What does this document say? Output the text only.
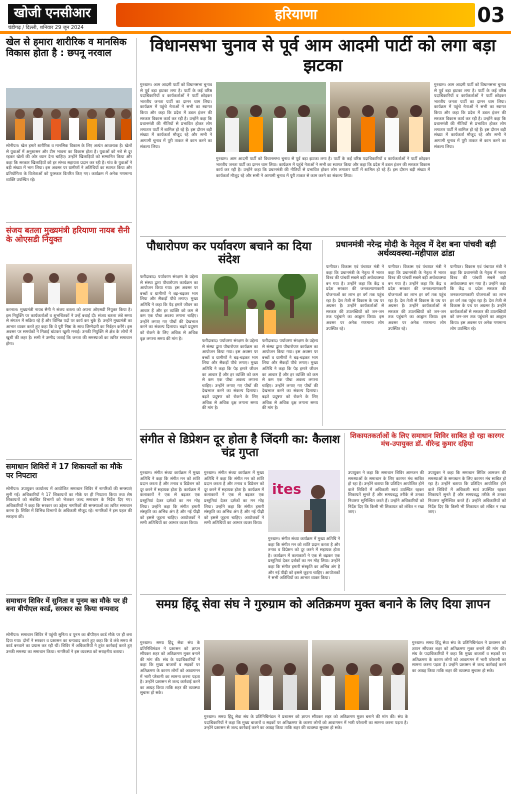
खोजी एनसीआर
चंडीगढ़ / दिल्ली, शनिवार 29 जून 2024
हरियाणा	03
खेल से हमारा शारीरिक व मानसिक विकास होता है : छपनू नरवाल
सोनीपत। खेल हमारे शारीरिक व मानसिक विकास के लिए अत्यंत आवश्यक है। खेलों से युवाओं में अनुशासन और टीम भावना का विकास होता है। युवाओं को नशे से दूर रहकर खेलों की ओर ध्यान देना चाहिए। उन्होंने खिलाड़ियों को सम्मानित किया और कहा कि सरकार खिलाड़ियों को हर संभव सहायता प्रदान कर रही है। गांव के युवाओं ने बड़ी संख्या में भाग लिया। इस अवसर पर ग्रामीणों ने अतिथियों का स्वागत किया और प्रतियोगिता के विजेताओं को पुरस्कार वितरित किए गए। कार्यक्रम में अनेक गणमान्य व्यक्ति उपस्थित रहे।
संजय बतला मुख्यमंत्री हरियाणा नायब सैनी के ओएसडी नियुक्त
करनाल। मुख्यमंत्री नायब सैनी ने संजय बतला को अपना ओएसडी नियुक्त किया है। इस नियुक्ति पर कार्यकर्ताओं व शुभचिंतकों ने उन्हें बधाई दी। संजय बतला लंबे समय से संगठन में सक्रिय रहे हैं और विभिन्न पदों पर कार्य कर चुके हैं। उन्होंने मुख्यमंत्री का आभार व्यक्त करते हुए कहा कि वे पूरी निष्ठा के साथ जिम्मेदारी का निर्वहन करेंगे। इस अवसर पर समर्थकों ने मिठाई बांटकर खुशी मनाई। उनकी नियुक्ति से क्षेत्र के लोगों में खुशी की लहर है। सभी ने उम्मीद जताई कि जनता की समस्याओं का त्वरित समाधान होगा।
समाधान शिविरों में 17 शिकायतों का मौके पर निपटारा
सोनीपत। उपायुक्त कार्यालय में आयोजित समाधान शिविर में नागरिकों की समस्याएं सुनी गईं। अधिकारियों ने 17 शिकायतों का मौके पर ही निपटारा किया तथा शेष शिकायतों को संबंधित विभागों को भेजकर जल्द समाधान के निर्देश दिए गए। अधिकारियों ने कहा कि सरकार का उद्देश्य नागरिकों की समस्याओं का त्वरित समाधान करना है। शिविर में विभिन्न विभागों के अधिकारी मौजूद रहे। नागरिकों ने इस पहल की सराहना की।
समाधान शिविर में सुनिता व पूनम का मौके पर ही बना बीपीएल कार्ड, सरकार का किया धन्यवाद
सोनीपत। समाधान शिविर में पहुंची सुनिता व पूनम का बीपीएल कार्ड मौके पर ही बना दिया गया। दोनों ने सरकार व प्रशासन का धन्यवाद करते हुए कहा कि वे लंबे समय से कार्ड बनवाने का प्रयास कर रही थीं। शिविर में अधिकारियों ने तुरंत कार्रवाई करते हुए उनकी समस्या का समाधान किया। नागरिकों ने इस व्यवस्था को सराहनीय बताया।
विधानसभा चुनाव से पूर्व आम आदमी पार्टी को लगा बड़ा झटका
गुरुग्राम। आम आदमी पार्टी को विधानसभा चुनाव से पूर्व बड़ा झटका लगा है। पार्टी के कई वरिष्ठ पदाधिकारियों व कार्यकर्ताओं ने पार्टी छोड़कर भारतीय जनता पार्टी का दामन थाम लिया। कार्यक्रम में पहुंचे नेताओं ने सभी का स्वागत किया और कहा कि प्रदेश में डबल इंजन की सरकार विकास कार्य कर रही है। उन्होंने कहा कि प्रधानमंत्री की नीतियों से प्रभावित होकर लोग लगातार पार्टी में शामिल हो रहे हैं। इस दौरान बड़ी संख्या में कार्यकर्ता मौजूद रहे और सभी ने आगामी चुनाव में पूरी ताकत से काम करने का संकल्प लिया।
गुरुग्राम। आम आदमी पार्टी को विधानसभा चुनाव से पूर्व बड़ा झटका लगा है। पार्टी के कई वरिष्ठ पदाधिकारियों व कार्यकर्ताओं ने पार्टी छोड़कर भारतीय जनता पार्टी का दामन थाम लिया। कार्यक्रम में पहुंचे नेताओं ने सभी का स्वागत किया और कहा कि प्रदेश में डबल इंजन की सरकार विकास कार्य कर रही है। उन्होंने कहा कि प्रधानमंत्री की नीतियों से प्रभावित होकर लोग लगातार पार्टी में शामिल हो रहे हैं। इस दौरान बड़ी संख्या में कार्यकर्ता मौजूद रहे और सभी ने आगामी चुनाव में पूरी ताकत से काम करने का संकल्प लिया।
गुरुग्राम। आम आदमी पार्टी को विधानसभा चुनाव से पूर्व बड़ा झटका लगा है। पार्टी के कई वरिष्ठ पदाधिकारियों व कार्यकर्ताओं ने पार्टी छोड़कर भारतीय जनता पार्टी का दामन थाम लिया। कार्यक्रम में पहुंचे नेताओं ने सभी का स्वागत किया और कहा कि प्रदेश में डबल इंजन की सरकार विकास कार्य कर रही है। उन्होंने कहा कि प्रधानमंत्री की नीतियों से प्रभावित होकर लोग लगातार पार्टी में शामिल हो रहे हैं। इस दौरान बड़ी संख्या में कार्यकर्ता मौजूद रहे और सभी ने आगामी चुनाव में पूरी ताकत से काम करने का संकल्प लिया।
पौधारोपण कर पर्यावरण बचाने का दिया संदेश
फरीदाबाद। पर्यावरण संरक्षण के उद्देश्य से संस्था द्वारा पौधारोपण कार्यक्रम का आयोजन किया गया। इस अवसर पर बच्चों व ग्रामीणों ने बढ़-चढ़कर भाग लिया और सैकड़ों पौधे लगाए। मुख्य अतिथि ने कहा कि पेड़ हमारे जीवन का आधार हैं और हर व्यक्ति को कम से कम एक पौधा अवश्य लगाना चाहिए। उन्होंने लगाए गए पौधों की देखभाल करने का संकल्प दिलाया। बढ़ते प्रदूषण को रोकने के लिए अधिक से अधिक वृक्ष लगाना समय की मांग है।	फरीदाबाद। पर्यावरण संरक्षण के उद्देश्य से संस्था द्वारा पौधारोपण कार्यक्रम का आयोजन किया गया। इस अवसर पर बच्चों व ग्रामीणों ने बढ़-चढ़कर भाग लिया और सैकड़ों पौधे लगाए। मुख्य अतिथि ने कहा कि पेड़ हमारे जीवन का आधार हैं और हर व्यक्ति को कम से कम एक पौधा अवश्य लगाना चाहिए। उन्होंने लगाए गए पौधों की देखभाल करने का संकल्प दिलाया। बढ़ते प्रदूषण को रोकने के लिए अधिक से अधिक वृक्ष लगाना समय की मांग है।
फरीदाबाद। पर्यावरण संरक्षण के उद्देश्य से संस्था द्वारा पौधारोपण कार्यक्रम का आयोजन किया गया। इस अवसर पर बच्चों व ग्रामीणों ने बढ़-चढ़कर भाग लिया और सैकड़ों पौधे लगाए। मुख्य अतिथि ने कहा कि पेड़ हमारे जीवन का आधार हैं और हर व्यक्ति को कम से कम एक पौधा अवश्य लगाना चाहिए। उन्होंने लगाए गए पौधों की देखभाल करने का संकल्प दिलाया। बढ़ते प्रदूषण को रोकने के लिए अधिक से अधिक वृक्ष लगाना समय की मांग है।
प्रधानमंत्री नरेन्द्र मोदी के नेतृत्व में देश बना पांचवी बड़ी अर्थव्यवस्था-महीपाल ढांडा
पानीपत। विकास एवं पंचायत मंत्री ने कहा कि प्रधानमंत्री के नेतृत्व में भारत विश्व की पांचवीं सबसे बड़ी अर्थव्यवस्था बन गया है। उन्होंने कहा कि केंद्र व प्रदेश सरकार की जनकल्याणकारी योजनाओं का लाभ हर वर्ग तक पहुंच रहा है। देश तेजी से विकास के पथ पर अग्रसर है। उन्होंने कार्यकर्ताओं से सरकार की उपलब्धियों को जन-जन तक पहुंचाने का आह्वान किया। इस अवसर पर अनेक गणमान्य लोग उपस्थित रहे।
पानीपत। विकास एवं पंचायत मंत्री ने कहा कि प्रधानमंत्री के नेतृत्व में भारत विश्व की पांचवीं सबसे बड़ी अर्थव्यवस्था बन गया है। उन्होंने कहा कि केंद्र व प्रदेश सरकार की जनकल्याणकारी योजनाओं का लाभ हर वर्ग तक पहुंच रहा है। देश तेजी से विकास के पथ पर अग्रसर है। उन्होंने कार्यकर्ताओं से सरकार की उपलब्धियों को जन-जन तक पहुंचाने का आह्वान किया। इस अवसर पर अनेक गणमान्य लोग उपस्थित रहे।
पानीपत। विकास एवं पंचायत मंत्री ने कहा कि प्रधानमंत्री के नेतृत्व में भारत विश्व की पांचवीं सबसे बड़ी अर्थव्यवस्था बन गया है। उन्होंने कहा कि केंद्र व प्रदेश सरकार की जनकल्याणकारी योजनाओं का लाभ हर वर्ग तक पहुंच रहा है। देश तेजी से विकास के पथ पर अग्रसर है। उन्होंने कार्यकर्ताओं से सरकार की उपलब्धियों को जन-जन तक पहुंचाने का आह्वान किया। इस अवसर पर अनेक गणमान्य लोग उपस्थित रहे।
संगीत से डिप्रेशन दूर होता है जिंदगी का: कैलाश चंद्र गुप्ता
गुरुग्राम। संगीत संध्या कार्यक्रम में मुख्य अतिथि ने कहा कि संगीत मन को शांति प्रदान करता है और तनाव व डिप्रेशन को दूर करने में सहायक होता है। कार्यक्रम में कलाकारों ने एक से बढ़कर एक प्रस्तुतियां देकर दर्शकों का मन मोह लिया। उन्होंने कहा कि संगीत हमारी संस्कृति का अभिन्न अंग है और नई पीढ़ी को इससे जुड़ना चाहिए। आयोजकों ने सभी अतिथियों का आभार व्यक्त किया।
गुरुग्राम। संगीत संध्या कार्यक्रम में मुख्य अतिथि ने कहा कि संगीत मन को शांति प्रदान करता है और तनाव व डिप्रेशन को दूर करने में सहायक होता है। कार्यक्रम में कलाकारों ने एक से बढ़कर एक प्रस्तुतियां देकर दर्शकों का मन मोह लिया। उन्होंने कहा कि संगीत हमारी संस्कृति का अभिन्न अंग है और नई पीढ़ी को इससे जुड़ना चाहिए। आयोजकों ने सभी अतिथियों का आभार व्यक्त किया।
ites
गुरुग्राम। संगीत संध्या कार्यक्रम में मुख्य अतिथि ने कहा कि संगीत मन को शांति प्रदान करता है और तनाव व डिप्रेशन को दूर करने में सहायक होता है। कार्यक्रम में कलाकारों ने एक से बढ़कर एक प्रस्तुतियां देकर दर्शकों का मन मोह लिया। उन्होंने कहा कि संगीत हमारी संस्कृति का अभिन्न अंग है और नई पीढ़ी को इससे जुड़ना चाहिए। आयोजकों ने सभी अतिथियों का आभार व्यक्त किया।
शिकायतकर्ताओं के लिए समाधान शिविर साबित हो रहा कारगर मंच-उपायुक्त डॉ. वीरेन्द्र कुमार दहिया
उपायुक्त ने कहा कि समाधान शिविर आमजन की समस्याओं के समाधान के लिए कारगर मंच साबित हो रहा है। उन्होंने बताया कि प्रतिदिन आयोजित होने वाले शिविरों में अधिकारी स्वयं उपस्थित रहकर शिकायतें सुनते हैं और समयबद्ध तरीके से उनका निवारण सुनिश्चित करते हैं। उन्होंने अधिकारियों को निर्देश दिए कि किसी भी शिकायत को लंबित न रखा जाए।
उपायुक्त ने कहा कि समाधान शिविर आमजन की समस्याओं के समाधान के लिए कारगर मंच साबित हो रहा है। उन्होंने बताया कि प्रतिदिन आयोजित होने वाले शिविरों में अधिकारी स्वयं उपस्थित रहकर शिकायतें सुनते हैं और समयबद्ध तरीके से उनका निवारण सुनिश्चित करते हैं। उन्होंने अधिकारियों को निर्देश दिए कि किसी भी शिकायत को लंबित न रखा जाए।
समग्र हिंदू सेवा संघ ने गुरुग्राम को अतिक्रमण मुक्त बनाने के लिए दिया ज्ञापन
गुरुग्राम। समग्र हिंदू सेवा संघ के प्रतिनिधिमंडल ने प्रशासन को ज्ञापन सौंपकर शहर को अतिक्रमण मुक्त बनाने की मांग की। संघ के पदाधिकारियों ने कहा कि मुख्य बाजारों व सड़कों पर अतिक्रमण के कारण लोगों को आवागमन में भारी परेशानी का सामना करना पड़ता है। उन्होंने प्रशासन से जल्द कार्रवाई करने का आग्रह किया ताकि शहर की व्यवस्था सुचारू हो सके।
गुरुग्राम। समग्र हिंदू सेवा संघ के प्रतिनिधिमंडल ने प्रशासन को ज्ञापन सौंपकर शहर को अतिक्रमण मुक्त बनाने की मांग की। संघ के पदाधिकारियों ने कहा कि मुख्य बाजारों व सड़कों पर अतिक्रमण के कारण लोगों को आवागमन में भारी परेशानी का सामना करना पड़ता है। उन्होंने प्रशासन से जल्द कार्रवाई करने का आग्रह किया ताकि शहर की व्यवस्था सुचारू हो सके।
गुरुग्राम। समग्र हिंदू सेवा संघ के प्रतिनिधिमंडल ने प्रशासन को ज्ञापन सौंपकर शहर को अतिक्रमण मुक्त बनाने की मांग की। संघ के पदाधिकारियों ने कहा कि मुख्य बाजारों व सड़कों पर अतिक्रमण के कारण लोगों को आवागमन में भारी परेशानी का सामना करना पड़ता है। उन्होंने प्रशासन से जल्द कार्रवाई करने का आग्रह किया ताकि शहर की व्यवस्था सुचारू हो सके।
